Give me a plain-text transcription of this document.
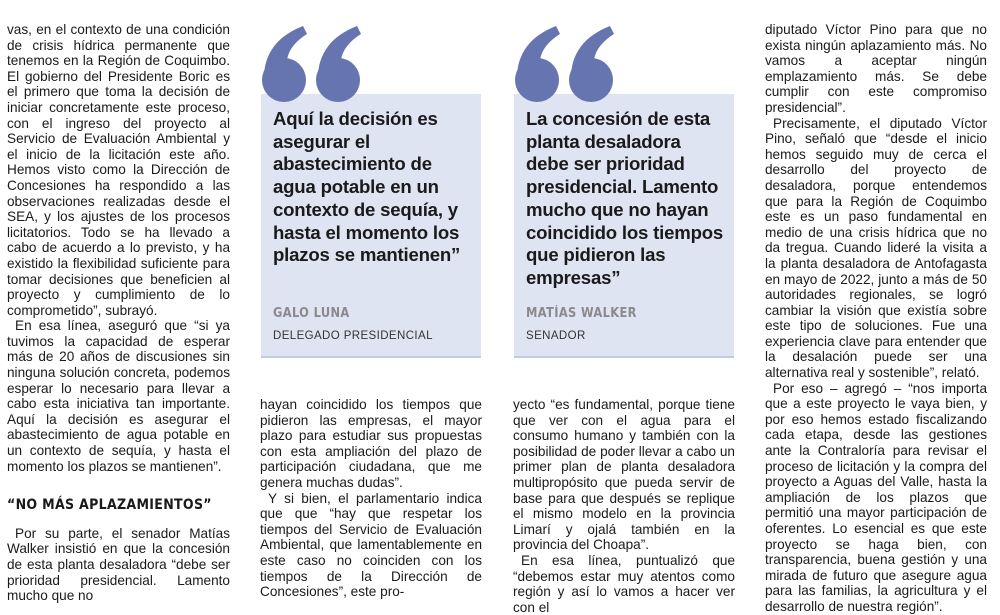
vas, en el contexto de una condición de crisis hídrica permanente que tenemos en la Región de Coquimbo. El gobierno del Presidente Boric es el primero que toma la decisión de iniciar concretamente este proceso, con el ingreso del proyecto al Servicio de Evaluación Ambiental y el inicio de la licitación este año. Hemos visto como la Dirección de Concesiones ha respondido a las observaciones realizadas desde el SEA, y los ajustes de los procesos licitatorios. Todo se ha llevado a cabo de acuerdo a lo previsto, y ha existido la flexibilidad suficiente para tomar decisiones que beneficien al proyecto y cumplimiento de lo comprometido”, subrayó.

En esa línea, aseguró que “si ya tuvimos la capacidad de esperar más de 20 años de discusiones sin ninguna solución concreta, podemos esperar lo necesario para llevar a cabo esta iniciativa tan importante. Aquí la decisión es asegurar el abastecimiento de agua potable en un contexto de sequía, y hasta el momento los plazos se mantienen”.

“NO MÁS APLAZAMIENTOS”

Por su parte, el senador Matías Walker insistió en que la concesión de esta planta desaladora “debe ser prioridad presidencial. Lamento mucho que no

Aquí la decisión es asegurar el abastecimiento de agua potable en un contexto de sequía, y hasta el momento los plazos se mantienen”
GALO LUNA
DELEGADO PRESIDENCIAL
La concesión de esta planta desaladora debe ser prioridad presidencial. Lamento mucho que no hayan coincidido los tiempos que pidieron las empresas”
MATÍAS WALKER
SENADOR

hayan coincidido los tiempos que pidieron las empresas, el mayor plazo para estudiar sus propuestas con esta ampliación del plazo de participación ciudadana, que me genera muchas dudas”.

Y si bien, el parlamentario indica que que “hay que respetar los tiempos del Servicio de Evaluación Ambiental, que lamentablemente en este caso no coinciden con los tiempos de la Dirección de Concesiones”, este pro-

yecto “es fundamental, porque tiene que ver con el agua para el consumo humano y también con la posibilidad de poder llevar a cabo un primer plan de planta desaladora multipropósito que pueda servir de base para que después se replique el mismo modelo en la provincia Limarí y ojalá también en la provincia del Choapa”.

En esa línea, puntualizó que “debemos estar muy atentos como región y así lo vamos a hacer ver con el

diputado Víctor Pino para que no exista ningún aplazamiento más. No vamos a aceptar ningún emplazamiento más. Se debe cumplir con este compromiso presidencial”.

Precisamente, el diputado Víctor Pino, señaló que “desde el inicio hemos seguido muy de cerca el desarrollo del proyecto de desaladora, porque entendemos que para la Región de Coquimbo este es un paso fundamental en medio de una crisis hídrica que no da tregua. Cuando lideré la visita a la planta desaladora de Antofagasta en mayo de 2022, junto a más de 50 autoridades regionales, se logró cambiar la visión que existía sobre este tipo de soluciones. Fue una experiencia clave para entender que la desalación puede ser una alternativa real y sostenible”, relató.

Por eso – agregó – “nos importa que a este proyecto le vaya bien, y por eso hemos estado fiscalizando cada etapa, desde las gestiones ante la Contraloría para revisar el proceso de licitación y la compra del proyecto a Aguas del Valle, hasta la ampliación de los plazos que permitió una mayor participación de oferentes. Lo esencial es que este proyecto se haga bien, con transparencia, buena gestión y una mirada de futuro que asegure agua para las familias, la agricultura y el desarrollo de nuestra región”.
